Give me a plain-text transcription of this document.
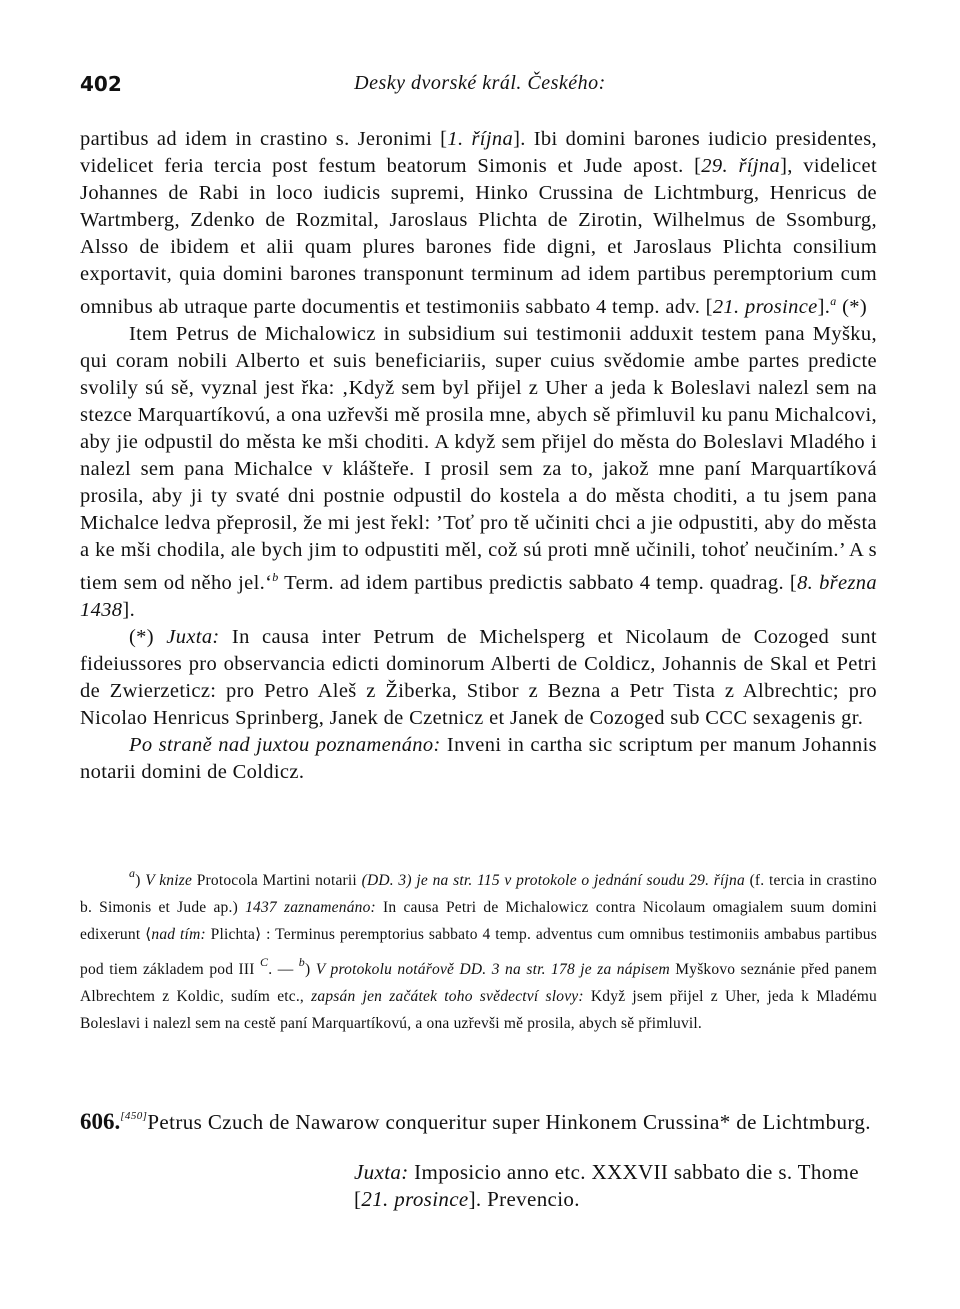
402	Desky dvorské král. Českého:

partibus ad idem in crastino s. Jeronimi [1. října]. Ibi domini barones iudicio presidentes, videlicet feria tercia post festum beatorum Simonis et Jude apost. [29. října], videlicet Johannes de Rabi in loco iudicis supremi, Hinko Crussina de Lichtmburg, Henricus de Wartmberg, Zdenko de Rozmital, Jaroslaus Plichta de Zirotin, Wilhelmus de Ssomburg, Alsso de ibidem et alii quam plures barones fide digni, et Jaroslaus Plichta consilium exportavit, quia domini barones transponunt terminum ad idem partibus peremptorium cum omnibus ab utraque parte documentis et testimoniis sabbato 4 temp. adv. [21. prosince].$^a$ (*)

Item Petrus de Michalowicz in subsidium sui testimonii adduxit testem pana Myšku, qui coram nobili Alberto et suis beneficiariis, super cuius svědomie ambe partes predicte svolily sú sě, vyznal jest řka: ‚Když sem byl přijel z Uher a jeda k Boleslavi nalezl sem na stezce Marquartíkovú, a ona uzřevši mě prosila mne, abych sě přimluvil ku panu Michalcovi, aby jie odpustil do města ke mši choditi. A když sem přijel do města do Boleslavi Mladého i nalezl sem pana Michalce v klášteře. I prosil sem za to, jakož mne paní Marquartíková prosila, aby ji ty svaté dni postnie odpustil do kostela a do města choditi, a tu jsem pana Michalce ledva přeprosil, že mi jest řekl: ’Toť pro tě učiniti chci a jie odpustiti, aby do města a ke mši chodila, ale bych jim to odpustiti měl, což sú proti mně učinili, tohoť neučiním.’ A s tiem sem od něho jel.‘$^b$ Term. ad idem partibus predictis sabbato 4 temp. quadrag. [8. března 1438].

(*) Juxta: In causa inter Petrum de Michelsperg et Nicolaum de Cozoged sunt fideiussores pro observancia edicti dominorum Alberti de Coldicz, Johannis de Skal et Petri de Zwierzeticz: pro Petro Aleš z Žiberka, Stibor z Bezna a Petr Tista z Albrechtic; pro Nicolao Henricus Sprinberg, Janek de Czetnicz et Janek de Cozoged sub CCC sexagenis gr.

Po straně nad juxtou poznamenáno: Inveni in cartha sic scriptum per manum Johannis notarii domini de Coldicz.

$^a$) V knize Protocola Martini notarii (DD. 3) je na str. 115 v protokole o jednání soudu 29. října (f. tercia in crastino b. Simonis et Jude ap.) 1437 zaznamenáno: In causa Petri de Michalowicz contra Nicolaum omagialem suum domini edixerunt ⟨nad tím: Plichta⟩ : Terminus peremptorius sabbato 4 temp. adventus cum omnibus testimoniis ambabus partibus pod tiem základem pod III $^C$. — $^b$) V protokolu notářově DD. 3 na str. 178 je za nápisem Myškovo seznánie před panem Albrechtem z Koldic, sudím etc., zapsán jen začátek toho svědectví slovy: Když jsem přijel z Uher, jeda k Mladému Boleslavi i nalezl sem na cestě paní Marquartíkovú, a ona uzřevši mě prosila, abych sě přimluvil.

606.[450]Petrus Czuch de Nawarow conqueritur super Hinkonem Crussina* de Lichtmburg.

Juxta: Imposicio anno etc. XXXVII sabbato die s. Thome [21. prosince]. Prevencio.
